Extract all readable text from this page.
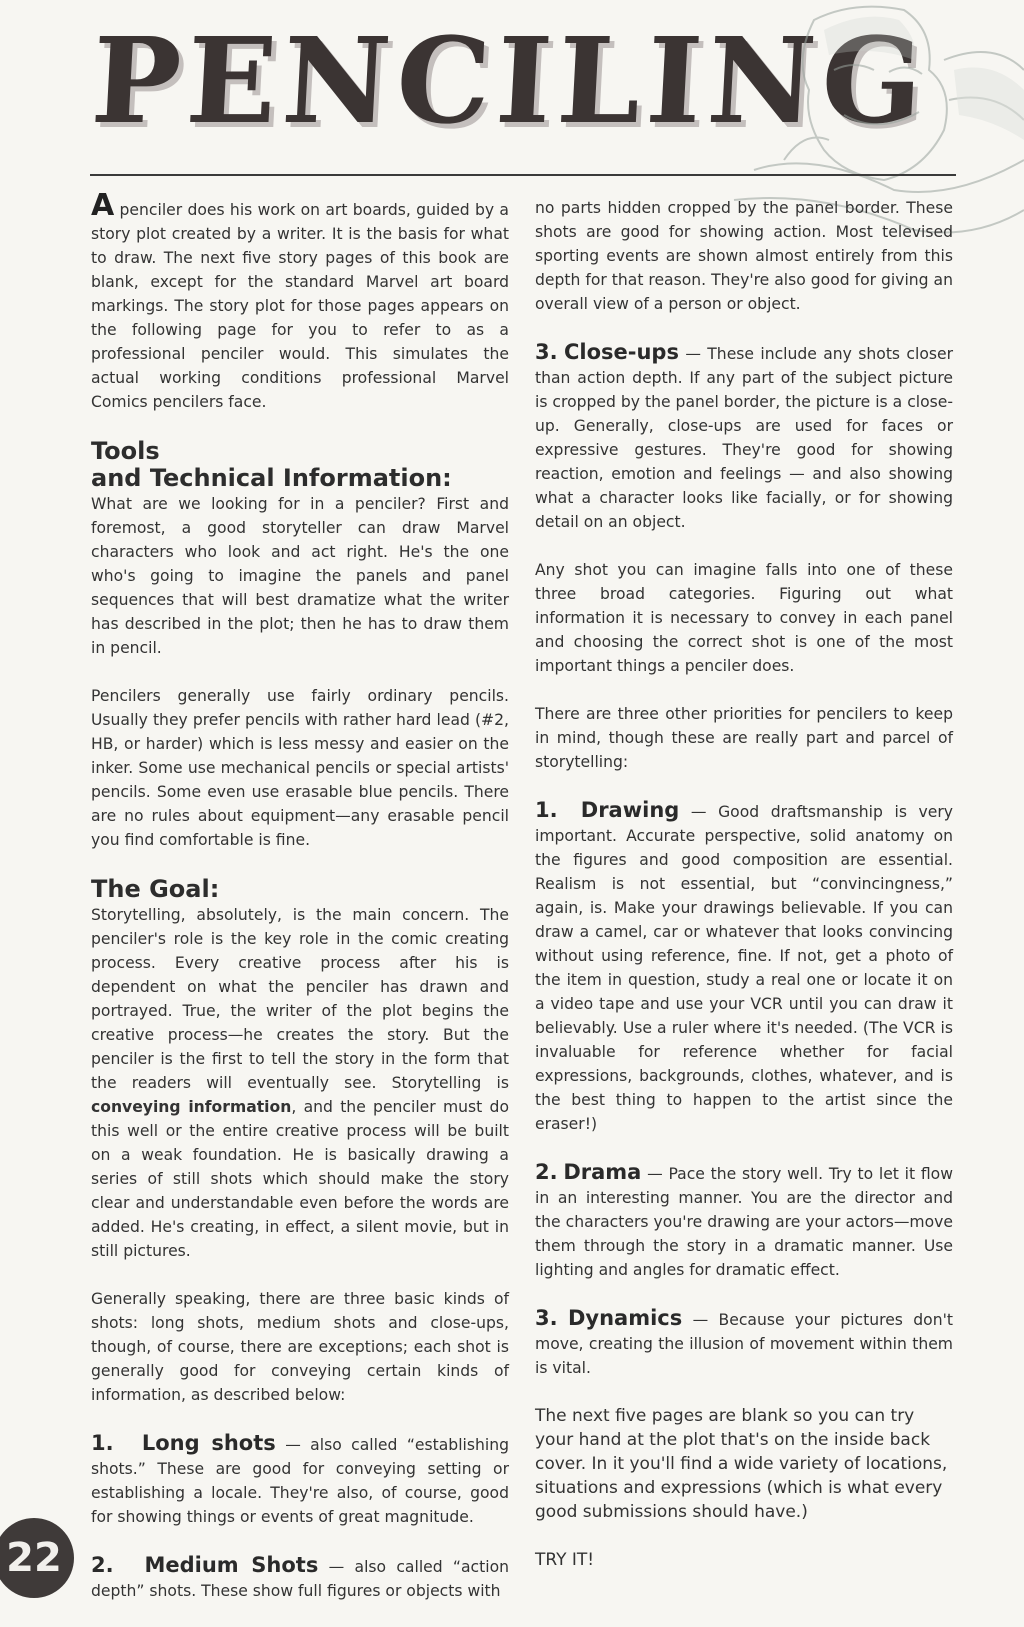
PENCILING

A penciler does his work on art boards, guided by a story plot created by a writer. It is the basis for what to draw. The next five story pages of this book are blank, except for the standard Marvel art board markings. The story plot for those pages appears on the following page for you to refer to as a professional penciler would. This simulates the actual working conditions professional Marvel Comics pencilers face.

Tools
and Technical Information:

What are we looking for in a penciler? First and foremost, a good storyteller can draw Marvel characters who look and act right. He's the one who's going to imagine the panels and panel sequences that will best dramatize what the writer has described in the plot; then he has to draw them in pencil.

Pencilers generally use fairly ordinary pencils. Usually they prefer pencils with rather hard lead (#2, HB, or harder) which is less messy and easier on the inker. Some use mechanical pencils or special artists' pencils. Some even use erasable blue pencils. There are no rules about equipment—any erasable pencil you find comfortable is fine.

The Goal:

Storytelling, absolutely, is the main concern. The penciler's role is the key role in the comic creating process. Every creative process after his is dependent on what the penciler has drawn and portrayed. True, the writer of the plot begins the creative process—he creates the story. But the penciler is the first to tell the story in the form that the readers will eventually see. Storytelling is conveying information, and the penciler must do this well or the entire creative process will be built on a weak foundation. He is basically drawing a series of still shots which should make the story clear and understandable even before the words are added. He's creating, in effect, a silent movie, but in still pictures.

Generally speaking, there are three basic kinds of shots: long shots, medium shots and close-ups, though, of course, there are exceptions; each shot is generally good for conveying certain kinds of information, as described below:

1. Long shots — also called “establishing shots.” These are good for conveying setting or establishing a locale. They're also, of course, good for showing things or events of great magnitude.

2. Medium Shots — also called “action depth” shots. These show full figures or objects with

no parts hidden cropped by the panel border. These shots are good for showing action. Most televised sporting events are shown almost entirely from this depth for that reason. They're also good for giving an overall view of a person or object.

3. Close-ups — These include any shots closer than action depth. If any part of the subject picture is cropped by the panel border, the picture is a close-up. Generally, close-ups are used for faces or expressive gestures. They're good for showing reaction, emotion and feelings — and also showing what a character looks like facially, or for showing detail on an object.

Any shot you can imagine falls into one of these three broad categories. Figuring out what information it is necessary to convey in each panel and choosing the correct shot is one of the most important things a penciler does.

There are three other priorities for pencilers to keep in mind, though these are really part and parcel of storytelling:

1. Drawing — Good draftsmanship is very important. Accurate perspective, solid anatomy on the figures and good composition are essential. Realism is not essential, but “convincingness,” again, is. Make your drawings believable. If you can draw a camel, car or whatever that looks convincing without using reference, fine. If not, get a photo of the item in question, study a real one or locate it on a video tape and use your VCR until you can draw it believably. Use a ruler where it's needed. (The VCR is invaluable for reference whether for facial expressions, backgrounds, clothes, whatever, and is the best thing to happen to the artist since the eraser!)

2. Drama — Pace the story well. Try to let it flow in an interesting manner. You are the director and the characters you're drawing are your actors—move them through the story in a dramatic manner. Use lighting and angles for dramatic effect.

3. Dynamics — Because your pictures don't move, creating the illusion of movement within them is vital.

The next five pages are blank so you can try your hand at the plot that's on the inside back cover. In it you'll find a wide variety of locations, situations and expressions (which is what every good submissions should have.)

TRY IT!

22
